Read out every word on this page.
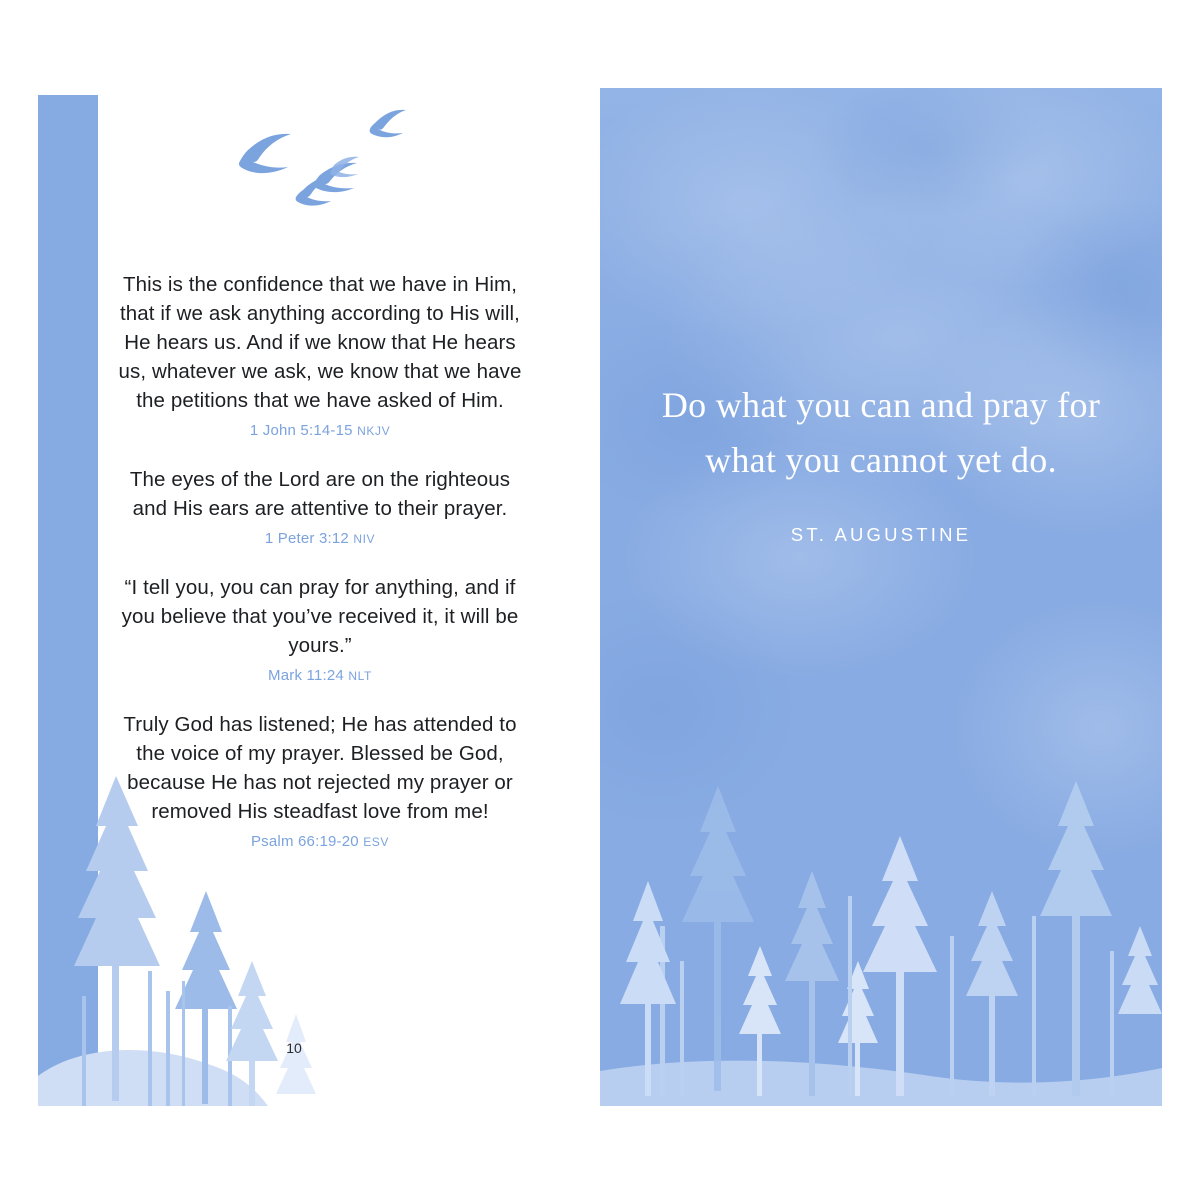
This is the confidence that we have in Him, that if we ask anything according to His will, He hears us. And if we know that He hears us, whatever we ask, we know that we have the petitions that we have asked of Him.
1 John 5:14-15 NKJV
The eyes of the Lord are on the righteous and His ears are attentive to their prayer.
1 Peter 3:12 NIV
“I tell you, you can pray for anything, and if you believe that you’ve received it, it will be yours.”
Mark 11:24 NLT
Truly God has listened; He has attended to the voice of my prayer. Blessed be God, because He has not rejected my prayer or removed His steadfast love from me!
Psalm 66:19-20 ESV
10
Do what you can and pray for what you cannot yet do.
ST. AUGUSTINE
